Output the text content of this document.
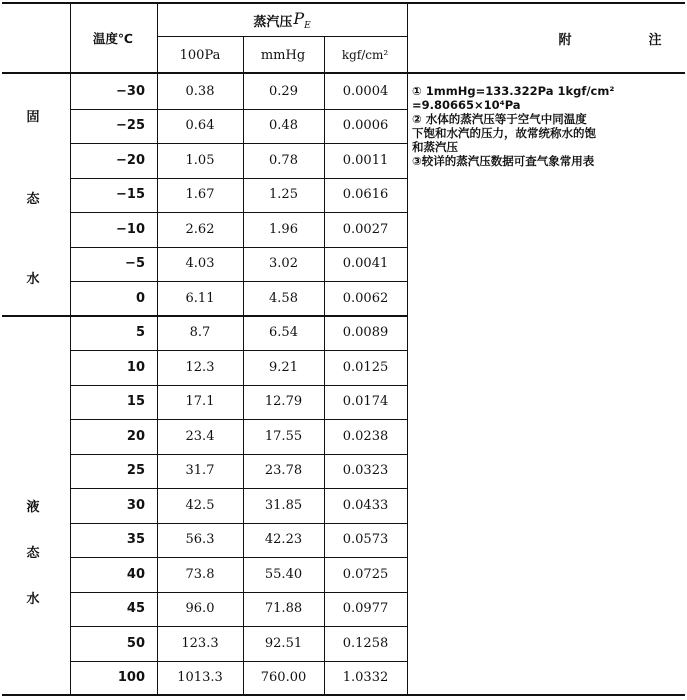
温度℃
蒸汽压 $P_E$
100Pa	mmHg	kgf/cm²
附	注
固
态
水
液
态
水
−30	0.38	0.29	0.0004
−25	0.64	0.48	0.0006
−20	1.05	0.78	0.0011
−15	1.67	1.25	0.0616
−10	2.62	1.96	0.0027
−5	4.03	3.02	0.0041
0	6.11	4.58	0.0062
5	8.7	6.54	0.0089
10	12.3	9.21	0.0125
15	17.1	12.79	0.0174
20	23.4	17.55	0.0238
25	31.7	23.78	0.0323
30	42.5	31.85	0.0433
35	56.3	42.23	0.0573
40	73.8	55.40	0.0725
45	96.0	71.88	0.0977
50	123.3	92.51	0.1258
100	1013.3	760.00	1.0332
① 1mmHg=133.322Pa 1kgf/cm²
=9.80665×10⁴Pa
② 水体的蒸汽压等于空气中同温度
下饱和水汽的压力，故常统称水的饱
和蒸汽压
③较详的蒸汽压数据可查气象常用表
